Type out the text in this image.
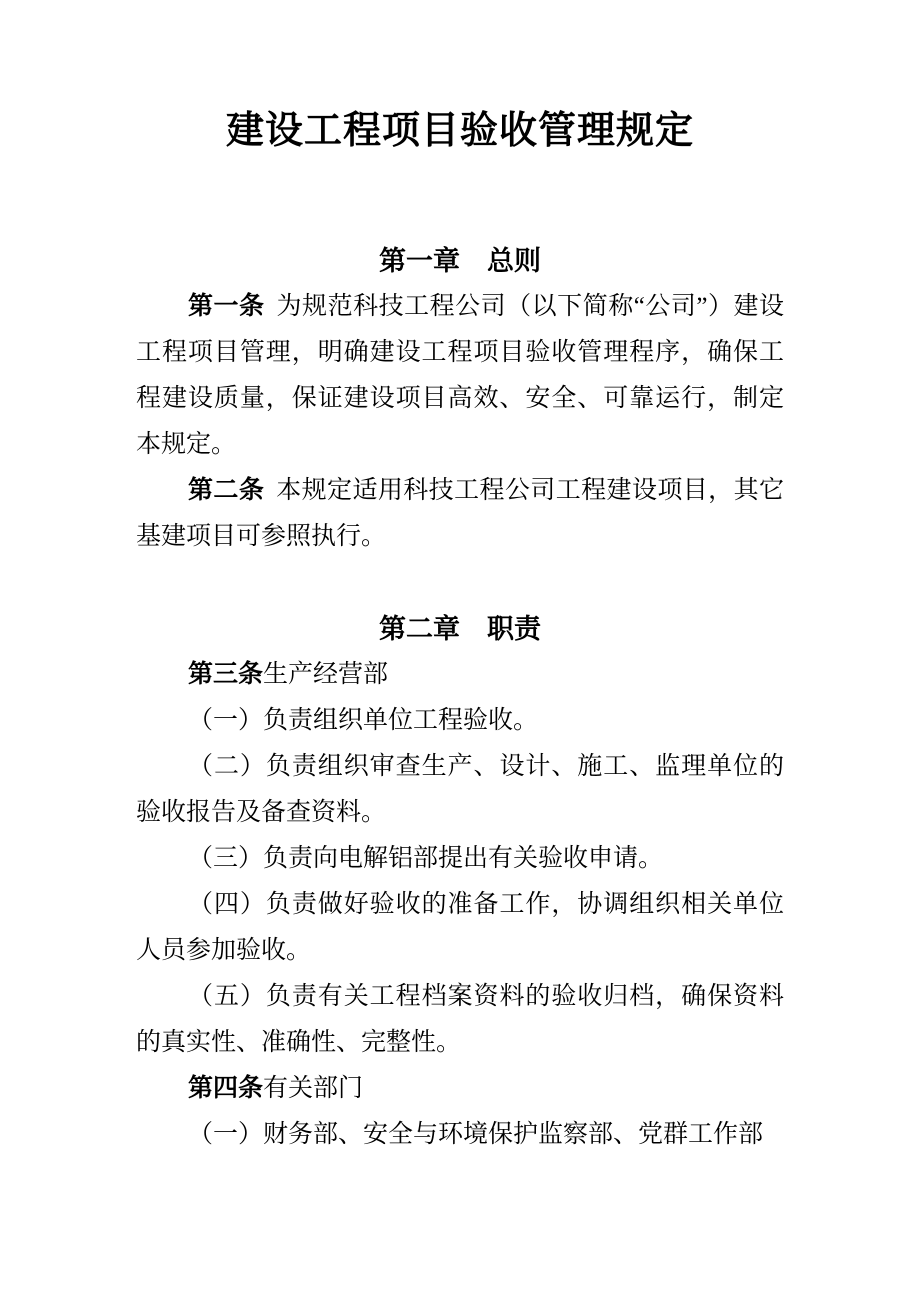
建设工程项目验收管理规定
第一章　总则

第一条 为规范科技工程公司（以下简称“公司”）建设工程项目管理，明确建设工程项目验收管理程序，确保工程建设质量，保证建设项目高效、安全、可靠运行，制定本规定。

第二条 本规定适用科技工程公司工程建设项目，其它基建项目可参照执行。

第二章　职责

第三条生产经营部

（一）负责组织单位工程验收。

（二）负责组织审查生产、设计、施工、监理单位的验收报告及备查资料。

（三）负责向电解铝部提出有关验收申请。

（四）负责做好验收的准备工作，协调组织相关单位人员参加验收。

（五）负责有关工程档案资料的验收归档，确保资料的真实性、准确性、完整性。

第四条有关部门

（一）财务部、安全与环境保护监察部、党群工作部
